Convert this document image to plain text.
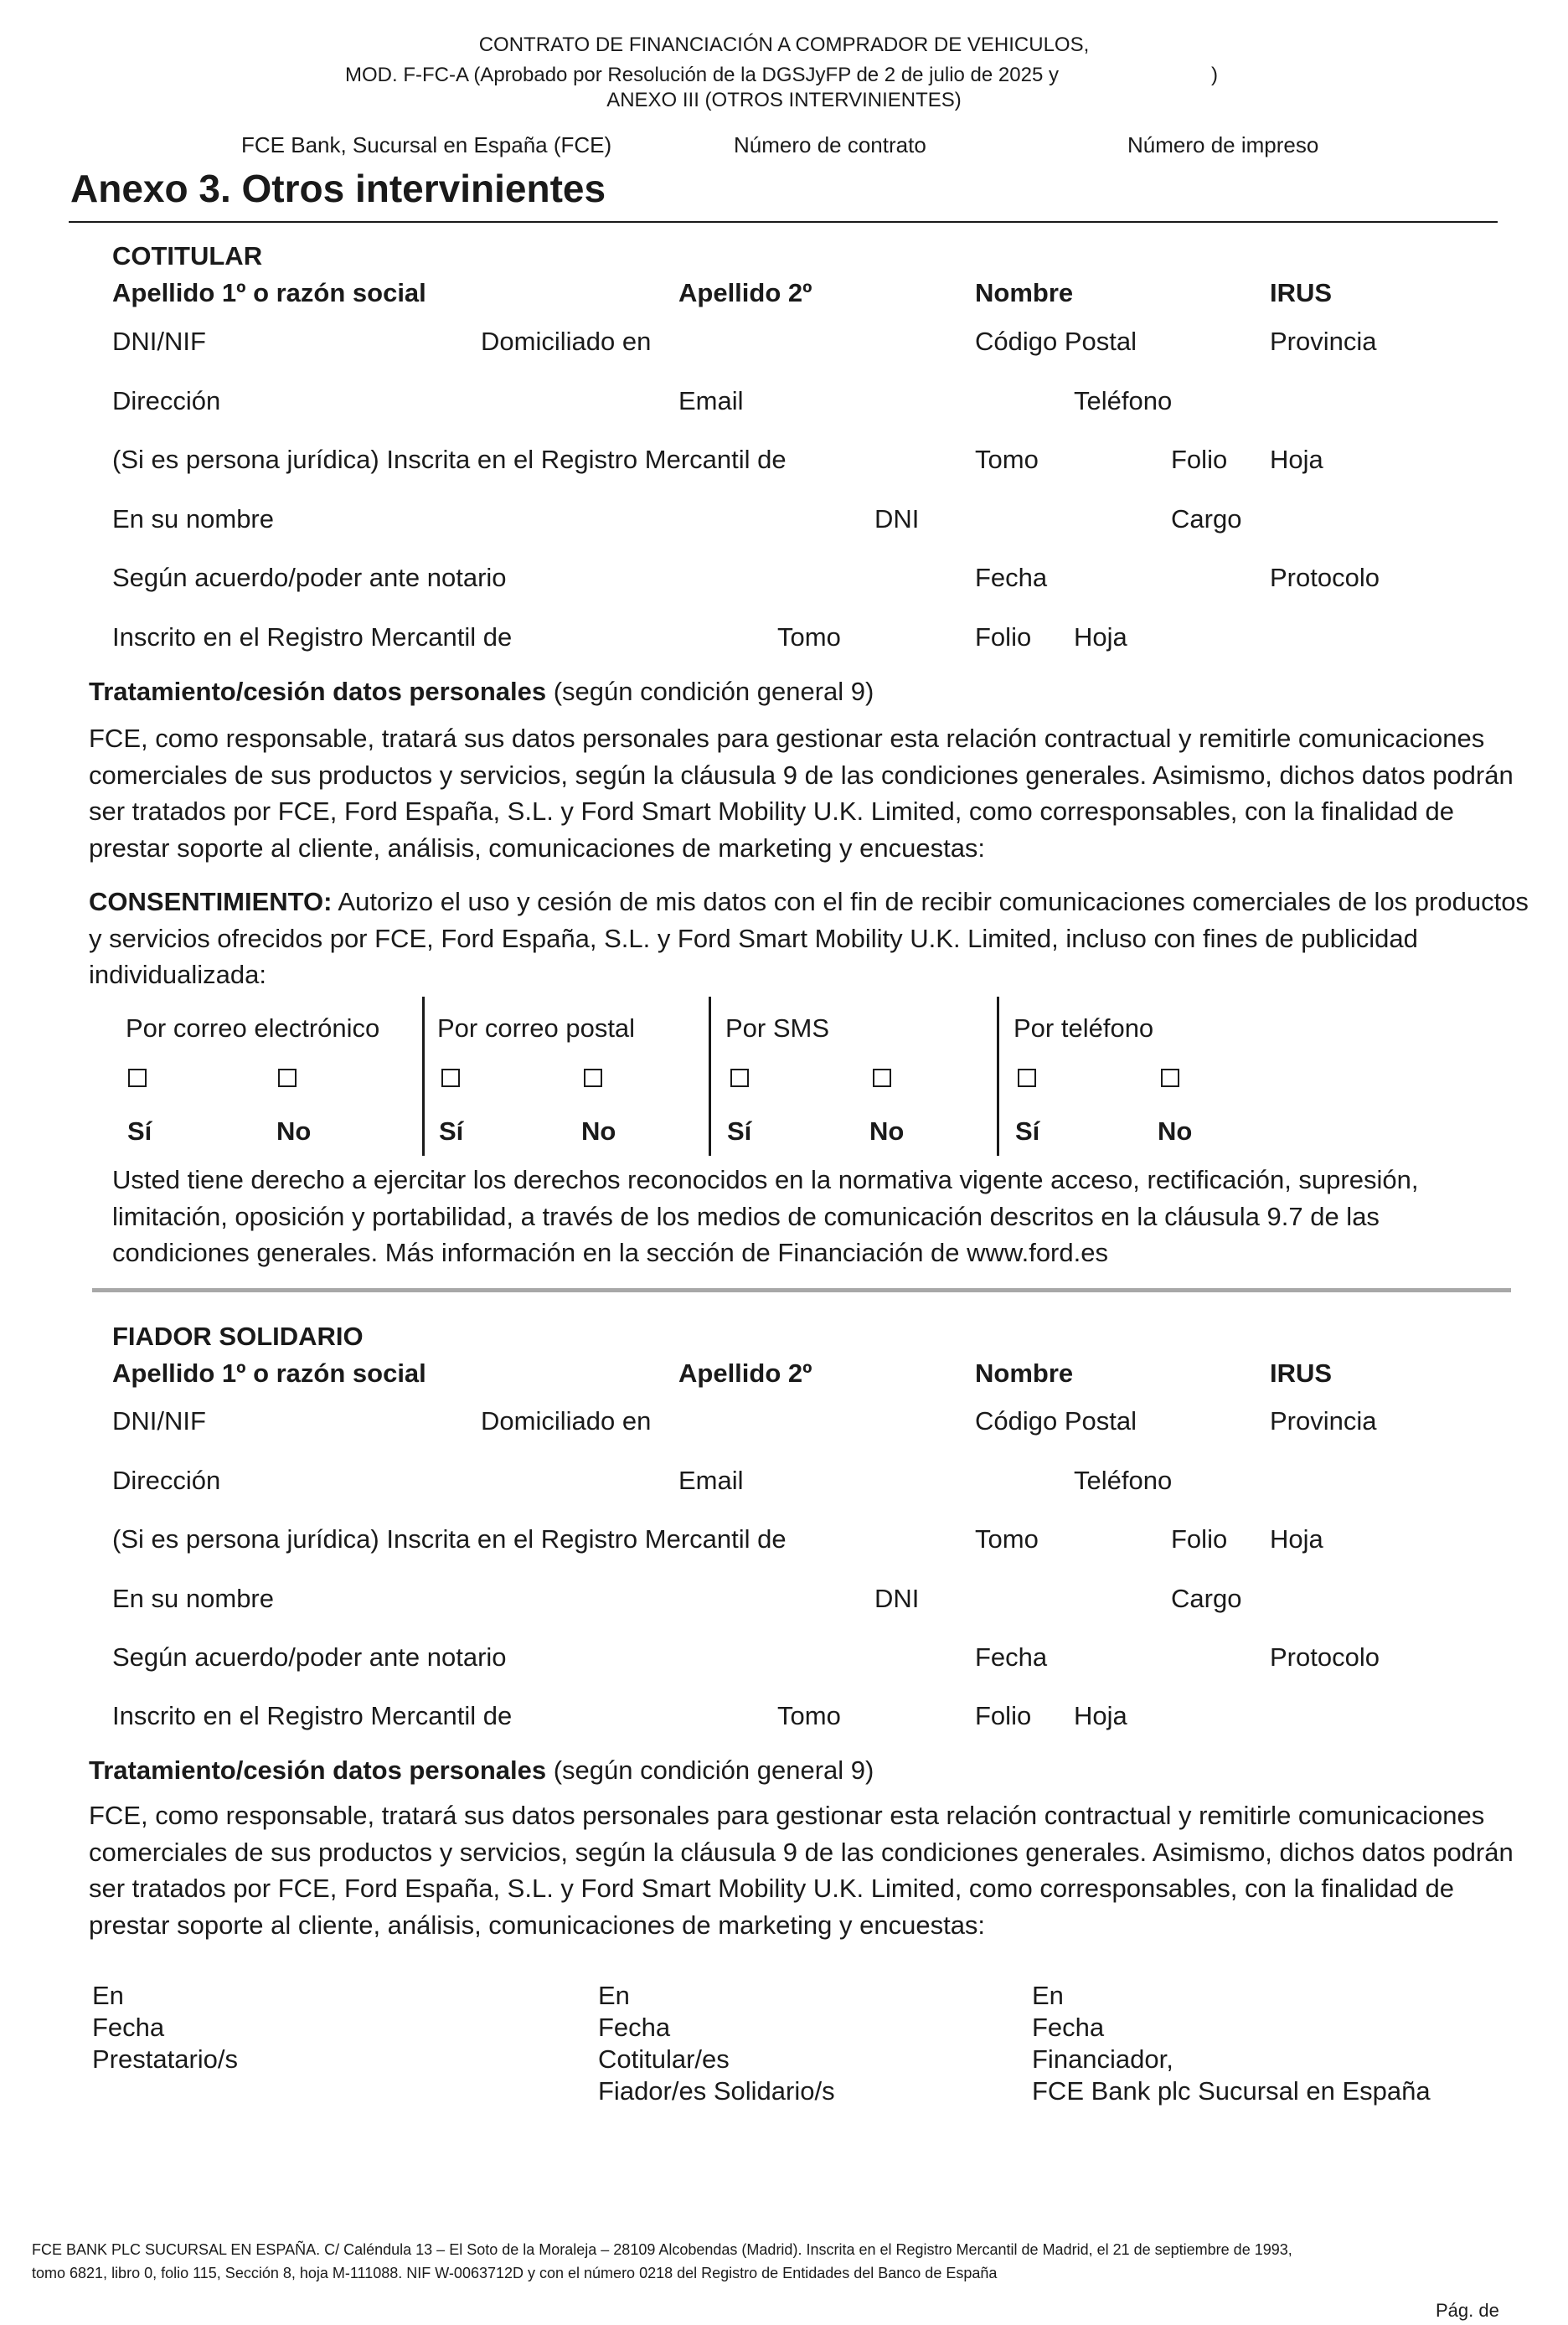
CONTRATO DE FINANCIACIÓN A COMPRADOR DE VEHICULOS,
MOD. F-FC-A (Aprobado por Resolución de la DGSJyFP de 2 de julio de 2025 y	)
ANEXO III (OTROS INTERVINIENTES)
FCE Bank, Sucursal en España (FCE)	Número de contrato	Número de impreso
Anexo 3. Otros intervinientes
COTITULAR
Apellido 1º o razón social	Apellido 2º	Nombre	IRUS
DNI/NIF	Domiciliado en	Código Postal	Provincia
Dirección	Email	Teléfono
(Si es persona jurídica) Inscrita en el Registro Mercantil de	Tomo	Folio Hoja
En su nombre	DNI	Cargo
Según acuerdo/poder ante notario	Fecha	Protocolo
Inscrito en el Registro Mercantil de	Tomo	Folio Hoja
Tratamiento/cesión datos personales (según condición general 9)
FCE, como responsable, tratará sus datos personales para gestionar esta relación contractual y remitirle comunicaciones comerciales de sus productos y servicios, según la cláusula 9 de las condiciones generales. Asimismo, dichos datos podrán ser tratados por FCE, Ford España, S.L. y Ford Smart Mobility U.K. Limited, como corresponsables, con la finalidad de prestar soporte al cliente, análisis, comunicaciones de marketing y encuestas:
CONSENTIMIENTO: Autorizo el uso y cesión de mis datos con el fin de recibir comunicaciones comerciales de los productos y servicios ofrecidos por FCE, Ford España, S.L. y Ford Smart Mobility U.K. Limited, incluso con fines de publicidad individualizada:
Por correo electrónico Por correo postal	Por SMS	Por teléfono
Sí	No	Sí	No	Sí	No	Sí	No
Usted tiene derecho a ejercitar los derechos reconocidos en la normativa vigente acceso, rectificación, supresión, limitación, oposición y portabilidad, a través de los medios de comunicación descritos en la cláusula 9.7 de las condiciones generales. Más información en la sección de Financiación de www.ford.es
FIADOR SOLIDARIO
Apellido 1º o razón social	Apellido 2º	Nombre	IRUS
DNI/NIF	Domiciliado en	Código Postal	Provincia
Dirección	Email	Teléfono
(Si es persona jurídica) Inscrita en el Registro Mercantil de	Tomo	Folio Hoja
En su nombre	DNI	Cargo
Según acuerdo/poder ante notario	Fecha	Protocolo
Inscrito en el Registro Mercantil de	Tomo	Folio Hoja
Tratamiento/cesión datos personales (según condición general 9)
FCE, como responsable, tratará sus datos personales para gestionar esta relación contractual y remitirle comunicaciones comerciales de sus productos y servicios, según la cláusula 9 de las condiciones generales. Asimismo, dichos datos podrán ser tratados por FCE, Ford España, S.L. y Ford Smart Mobility U.K. Limited, como corresponsables, con la finalidad de prestar soporte al cliente, análisis, comunicaciones de marketing y encuestas:
En
Fecha
Prestatario/s
En
Fecha
Cotitular/es
Fiador/es Solidario/s
En
Fecha
Financiador,
FCE Bank plc Sucursal en España
FCE BANK PLC SUCURSAL EN ESPAÑA. C/ Caléndula 13 – El Soto de la Moraleja – 28109 Alcobendas (Madrid). Inscrita en el Registro Mercantil de Madrid, el 21 de septiembre de 1993,
tomo 6821, libro 0, folio 115, Sección 8, hoja M-111088. NIF W-0063712D y con el número 0218 del Registro de Entidades del Banco de España
Pág. de
